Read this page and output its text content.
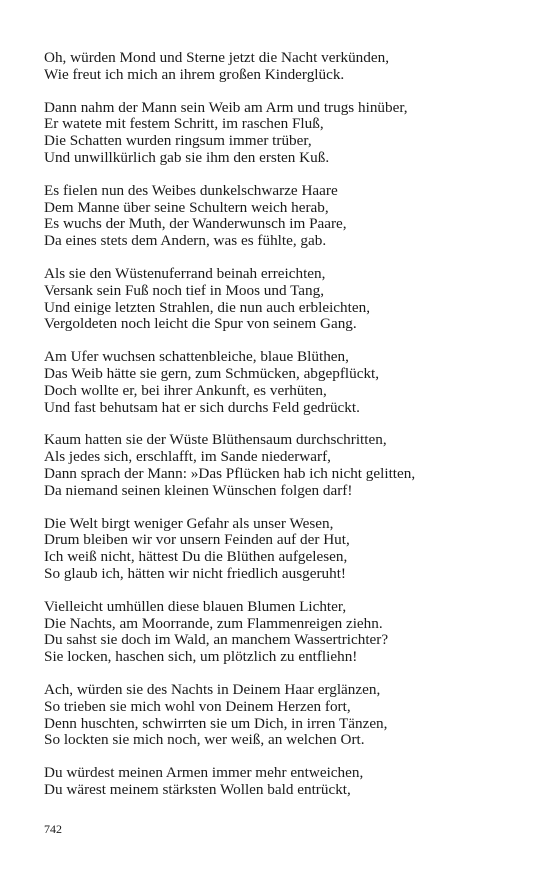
Oh, würden Mond und Sterne jetzt die Nacht verkünden,
Wie freut ich mich an ihrem großen Kinderglück.
Dann nahm der Mann sein Weib am Arm und trugs hinüber,
Er watete mit festem Schritt, im raschen Fluß,
Die Schatten wurden ringsum immer trüber,
Und unwillkürlich gab sie ihm den ersten Kuß.
Es fielen nun des Weibes dunkelschwarze Haare
Dem Manne über seine Schultern weich herab,
Es wuchs der Muth, der Wanderwunsch im Paare,
Da eines stets dem Andern, was es fühlte, gab.
Als sie den Wüstenuferrand beinah erreichten,
Versank sein Fuß noch tief in Moos und Tang,
Und einige letzten Strahlen, die nun auch erbleichten,
Vergoldeten noch leicht die Spur von seinem Gang.
Am Ufer wuchsen schattenbleiche, blaue Blüthen,
Das Weib hätte sie gern, zum Schmücken, abgepflückt,
Doch wollte er, bei ihrer Ankunft, es verhüten,
Und fast behutsam hat er sich durchs Feld gedrückt.
Kaum hatten sie der Wüste Blüthensaum durchschritten,
Als jedes sich, erschlafft, im Sande niederwarf,
Dann sprach der Mann: »Das Pflücken hab ich nicht gelitten,
Da niemand seinen kleinen Wünschen folgen darf!
Die Welt birgt weniger Gefahr als unser Wesen,
Drum bleiben wir vor unsern Feinden auf der Hut,
Ich weiß nicht, hättest Du die Blüthen aufgelesen,
So glaub ich, hätten wir nicht friedlich ausgeruht!
Vielleicht umhüllen diese blauen Blumen Lichter,
Die Nachts, am Moorrande, zum Flammenreigen ziehn.
Du sahst sie doch im Wald, an manchem Wassertrichter?
Sie locken, haschen sich, um plötzlich zu entfliehn!
Ach, würden sie des Nachts in Deinem Haar erglänzen,
So trieben sie mich wohl von Deinem Herzen fort,
Denn huschten, schwirrten sie um Dich, in irren Tänzen,
So lockten sie mich noch, wer weiß, an welchen Ort.
Du würdest meinen Armen immer mehr entweichen,
Du wärest meinem stärksten Wollen bald entrückt,
742
